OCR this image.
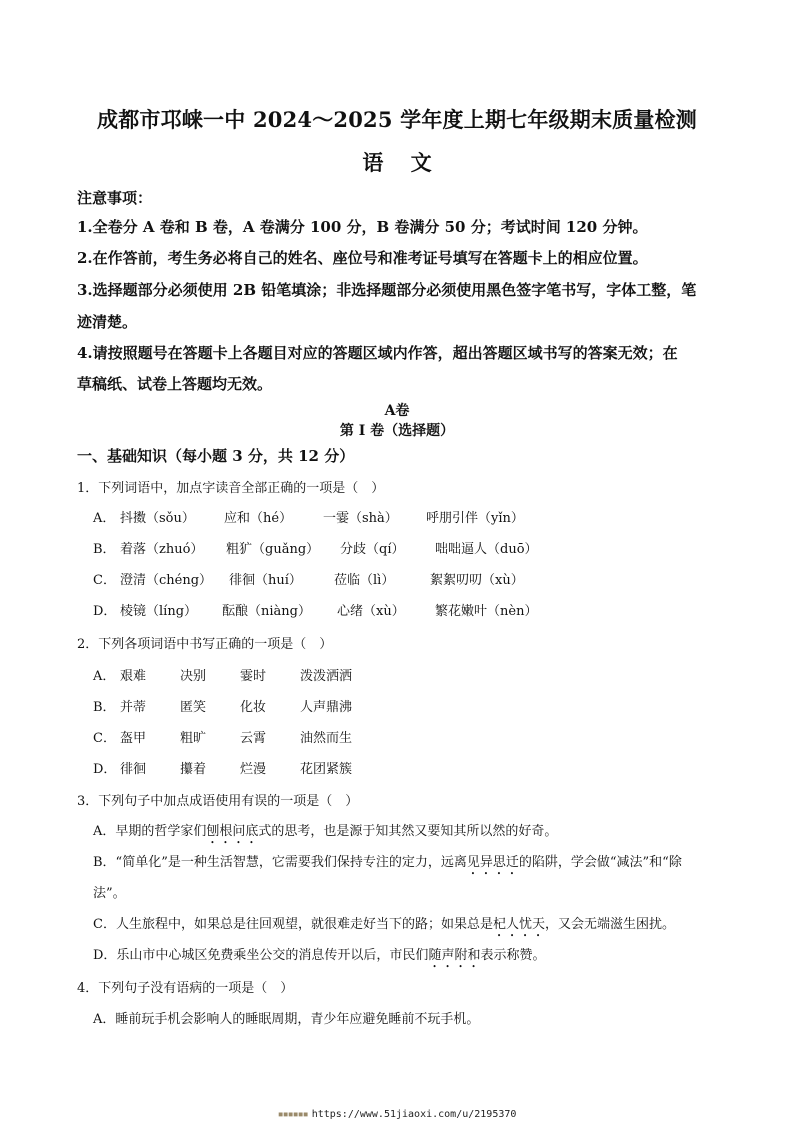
成都市邛崃一中 2024～2025 学年度上期七年级期末质量检测
语 文
注意事项：
1.全卷分 A 卷和 B 卷，A 卷满分 100 分，B 卷满分 50 分；考试时间 120 分钟。
2.在作答前，考生务必将自己的姓名、座位号和准考证号填写在答题卡上的相应位置。
3.选择题部分必须使用 2B 铅笔填涂；非选择题部分必须使用黑色签字笔书写，字体工整，笔
迹清楚。
4.请按照题号在答题卡上各题目对应的答题区域内作答，超出答题区域书写的答案无效；在
草稿纸、试卷上答题均无效。
A卷
第 I 卷（选择题）
一、基础知识（每小题 3 分，共 12 分）
1．下列词语中，加点字读音全部正确的一项是（　）
A． 抖擞（sǒu） 应和（hé） 一霎（shà） 呼朋引伴（yǐn）
B． 着落（zhuó） 粗犷（guǎng） 分歧（qí） 咄咄逼人（duō）
C． 澄清（chéng） 徘徊（huí） 莅临（lì）	絮絮叨叨（xù）
D． 棱镜（líng） 酝酿（niàng） 心绪（xù） 繁花嫩叶（nèn）
2．下列各项词语中书写正确的一项是（　）
A． 艰难	决别	霎时	泼泼洒洒
B． 并蒂	匿笑	化妆	人声鼎沸
C． 盔甲	粗旷	云霄	油然而生
D． 徘徊	攥着	烂漫	花团紧簇
3．下列句子中加点成语使用有误的一项是（　）
A．早期的哲学家们刨根问底式的思考，也是源于知其然又要知其所以然的好奇。
B．“简单化”是一种生活智慧，它需要我们保持专注的定力，远离见异思迁的陷阱，学会做“减法”和“除
法”。
C．人生旅程中，如果总是往回观望，就很难走好当下的路；如果总是杞人忧天，又会无端滋生困扰。
D．乐山市中心城区免费乘坐公交的消息传开以后，市民们随声附和表示称赞。
4．下列句子没有语病的一项是（　）
A．睡前玩手机会影响人的睡眠周期，青少年应避免睡前不玩手机。
▪▪▪▪▪▪ https://www.51jiaoxi.com/u/2195370
